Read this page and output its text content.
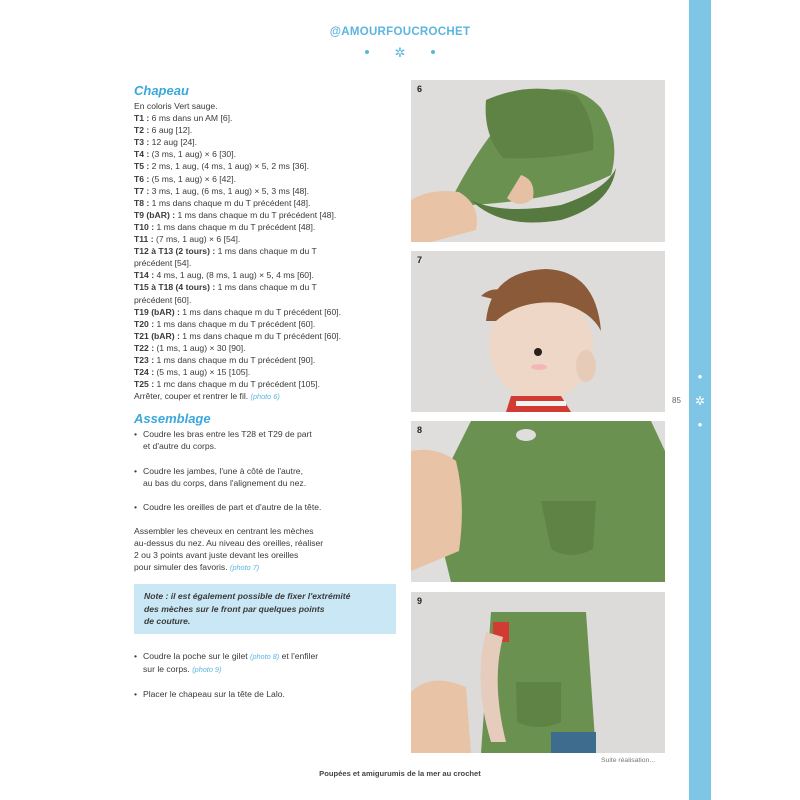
@AMOURFOUCROCHET
✲
Chapeau
En coloris Vert sauge.
T1 : 6 ms dans un AM [6].
T2 : 6 aug [12].
T3 : 12 aug [24].
T4 : (3 ms, 1 aug) × 6 [30].
T5 : 2 ms, 1 aug, (4 ms, 1 aug) × 5, 2 ms [36].
T6 : (5 ms, 1 aug) × 6 [42].
T7 : 3 ms, 1 aug, (6 ms, 1 aug) × 5, 3 ms [48].
T8 : 1 ms dans chaque m du T précédent [48].
T9 (bAR) : 1 ms dans chaque m du T précédent [48].
T10 : 1 ms dans chaque m du T précédent [48].
T11 : (7 ms, 1 aug) × 6 [54].
T12 à T13 (2 tours) : 1 ms dans chaque m du T
précédent [54].
T14 : 4 ms, 1 aug, (8 ms, 1 aug) × 5, 4 ms [60].
T15 à T18 (4 tours) : 1 ms dans chaque m du T
précédent [60].
T19 (bAR) : 1 ms dans chaque m du T précédent [60].
T20 : 1 ms dans chaque m du T précédent [60].
T21 (bAR) : 1 ms dans chaque m du T précédent [60].
T22 : (1 ms, 1 aug) × 30 [90].
T23 : 1 ms dans chaque m du T précédent [90].
T24 : (5 ms, 1 aug) × 15 [105].
T25 : 1 mc dans chaque m du T précédent [105].
Arrêter, couper et rentrer le fil. (photo 6)
Assemblage
• Coudre les bras entre les T28 et T29 de part
et d'autre du corps.
• Coudre les jambes, l'une à côté de l'autre,
au bas du corps, dans l'alignement du nez.
• Coudre les oreilles de part et d'autre de la tête.
Assembler les cheveux en centrant les mèches
au-dessus du nez. Au niveau des oreilles, réaliser
2 ou 3 points avant juste devant les oreilles
pour simuler des favoris. (photo 7)
Note : il est également possible de fixer l'extrémité
des mèches sur le front par quelques points
de couture.
• Coudre la poche sur le gilet (photo 8) et l'enfiler
sur le corps. (photo 9)
• Placer le chapeau sur la tête de Lalo.
6
7
8
9
Suite réalisation...
85
●
✲
●
Poupées et amigurumis de la mer au crochet
